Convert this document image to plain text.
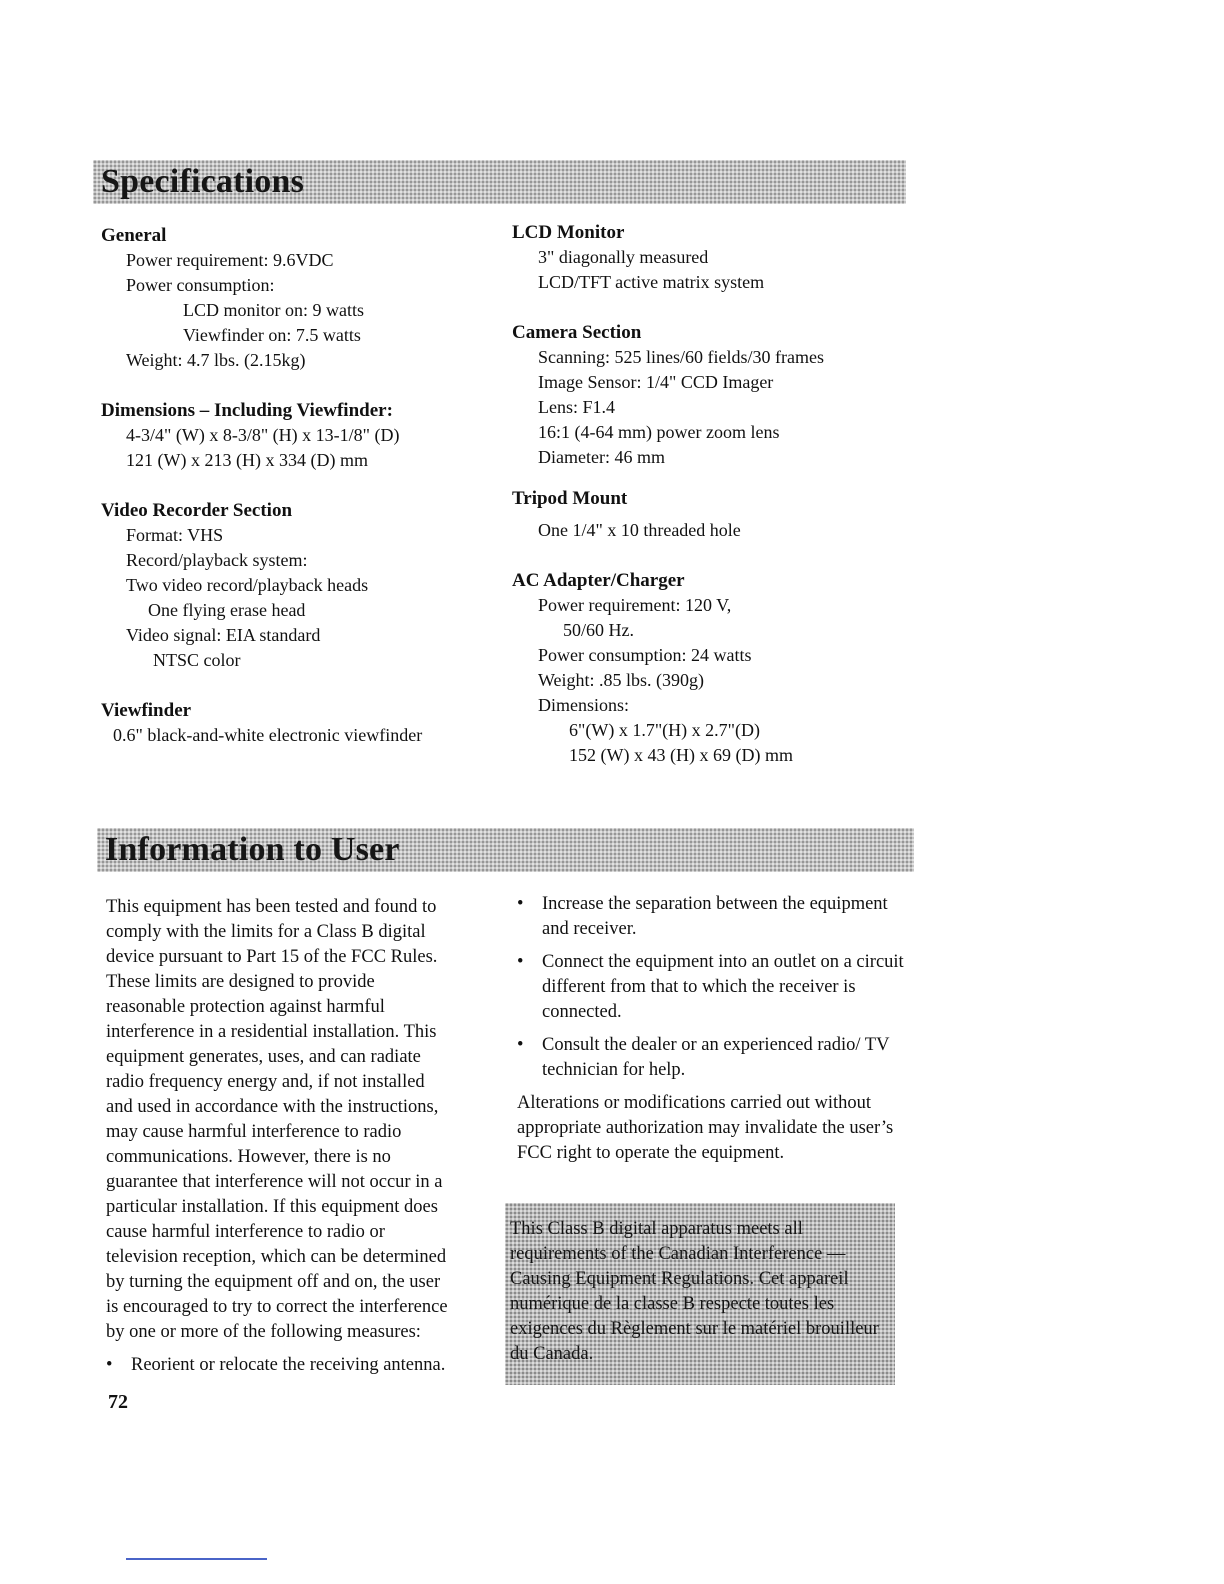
Specifications

General

Power requirement: 9.6VDC

Power consumption:

LCD monitor on: 9 watts

Viewfinder on: 7.5 watts

Weight: 4.7 lbs. (2.15kg)

Dimensions – Including Viewfinder:

4-3/4" (W) x 8-3/8" (H) x 13-1/8" (D)

121 (W) x 213 (H) x 334 (D) mm

Video Recorder Section

Format: VHS

Record/playback system:

Two video record/playback heads

One flying erase head

Video signal: EIA standard

NTSC color

Viewfinder

0.6" black-and-white electronic viewfinder

LCD Monitor

3" diagonally measured

LCD/TFT active matrix system

Camera Section

Scanning: 525 lines/60 fields/30 frames

Image Sensor: 1/4" CCD Imager

Lens: F1.4

16:1 (4-64 mm) power zoom lens

Diameter: 46 mm

Tripod Mount

One 1/4" x 10 threaded hole

AC Adapter/Charger

Power requirement: 120 V,

50/60 Hz.

Power consumption: 24 watts

Weight: .85 lbs. (390g)

Dimensions:

6"(W) x 1.7"(H) x 2.7"(D)

152 (W) x 43 (H) x 69 (D) mm

Information to User

This equipment has been tested and found to

comply with the limits for a Class B digital

device pursuant to Part 15 of the FCC Rules.

These limits are designed to provide

reasonable protection against harmful

interference in a residential installation. This

equipment generates, uses, and can radiate

radio frequency energy and, if not installed

and used in accordance with the instructions,

may cause harmful interference to radio

communications. However, there is no

guarantee that interference will not occur in a

particular installation. If this equipment does

cause harmful interference to radio or

television reception, which can be determined

by turning the equipment off and on, the user

is encouraged to try to correct the interference

by one or more of the following measures:

• Reorient or relocate the receiving antenna.

• Increase the separation between the equipment and receiver.

• Connect the equipment into an outlet on a circuit different from that to which the receiver is connected.

• Consult the dealer or an experienced radio/ TV technician for help.

Alterations or modifications carried out without appropriate authorization may invalidate the user’s FCC right to operate the equipment.

This Class B digital apparatus meets all requirements of the Canadian Interference — Causing Equipment Regulations. Cet appareil numérique de la classe B respecte toutes les exigences du Règlement sur le matériel brouilleur du Canada.
72
